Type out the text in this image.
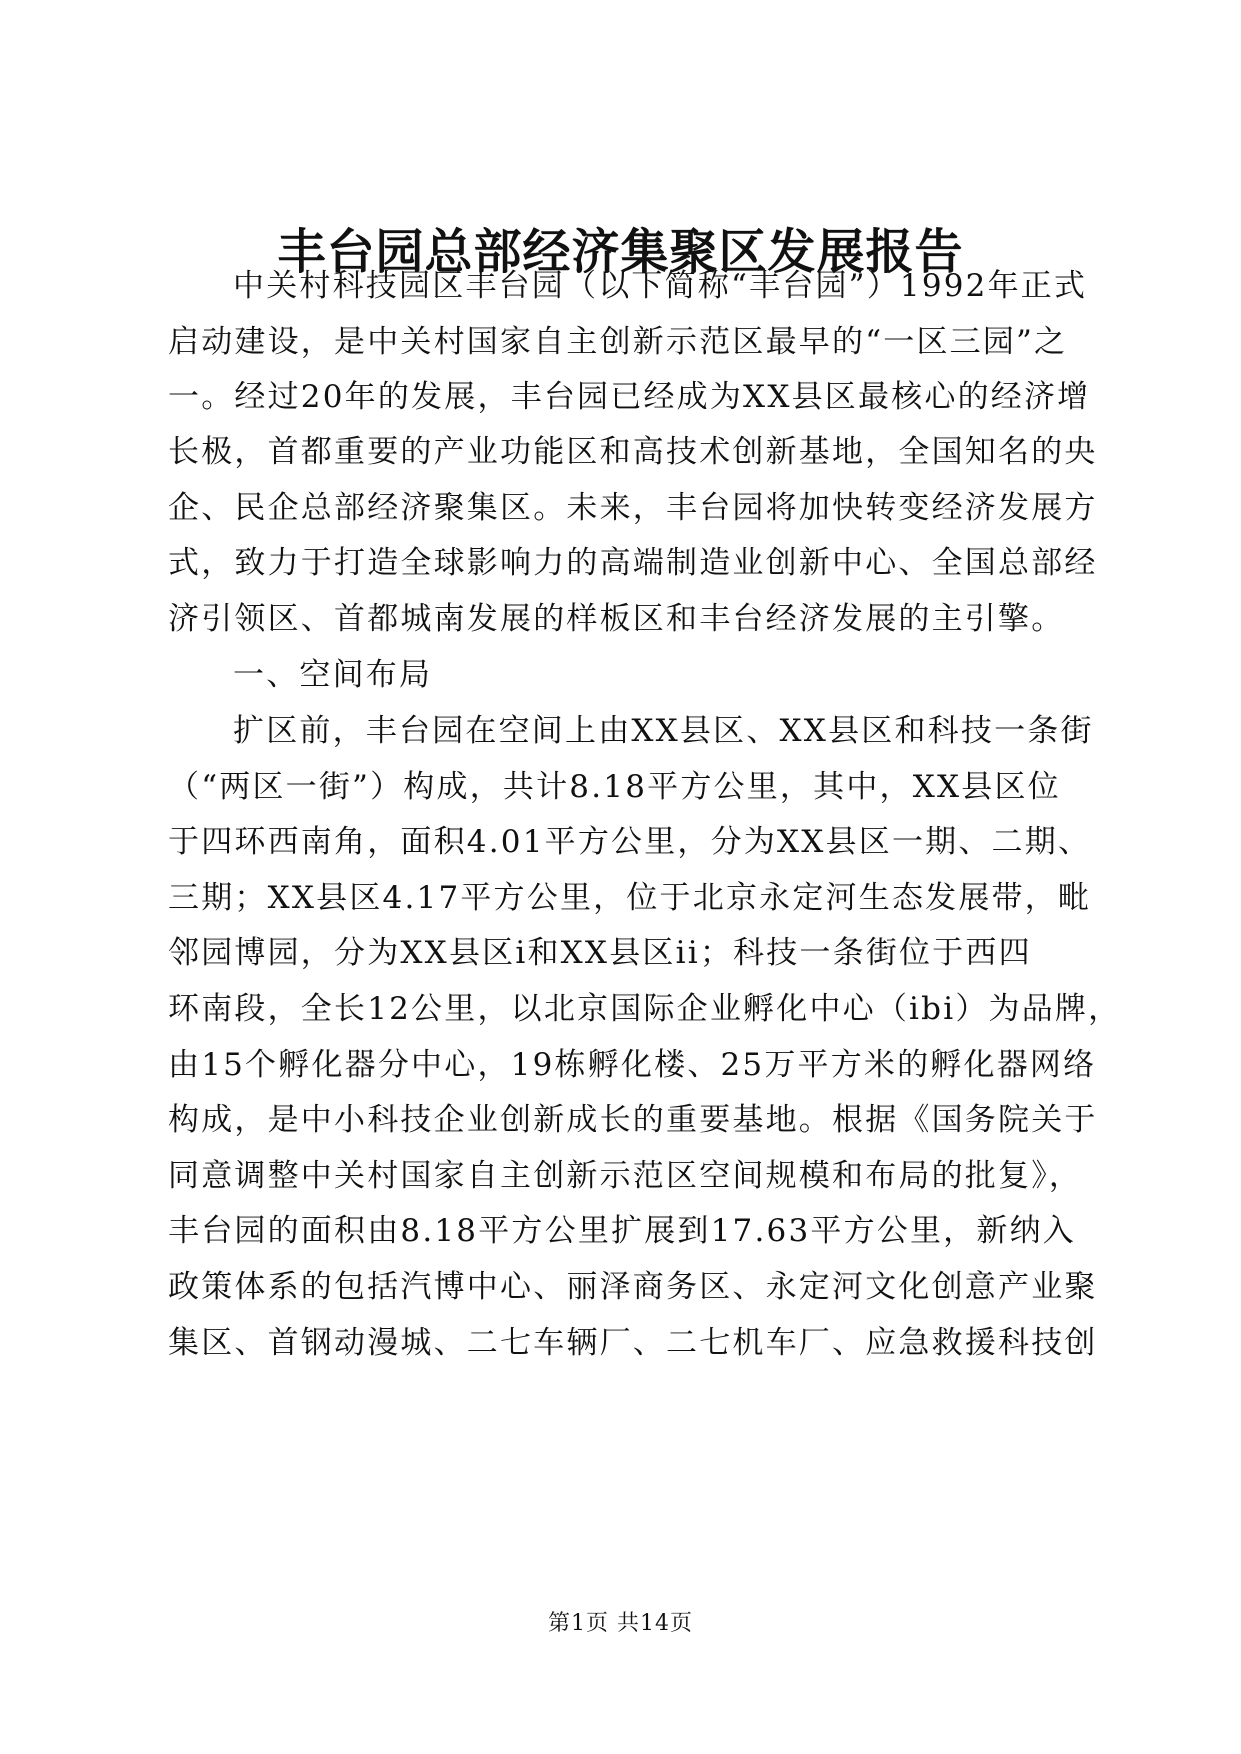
丰台园总部经济集聚区发展报告

中关村科技园区丰台园（以下简称“丰台园”）1992年正式

启动建设，是中关村国家自主创新示范区最早的“一区三园”之

一。经过20年的发展，丰台园已经成为XX县区最核心的经济增

长极，首都重要的产业功能区和高技术创新基地，全国知名的央

企、民企总部经济聚集区。未来，丰台园将加快转变经济发展方

式，致力于打造全球影响力的高端制造业创新中心、全国总部经

济引领区、首都城南发展的样板区和丰台经济发展的主引擎。

一、空间布局

扩区前，丰台园在空间上由XX县区、XX县区和科技一条街

（“两区一街”）构成，共计8.18平方公里，其中，XX县区位

于四环西南角，面积4.01平方公里，分为XX县区一期、二期、

三期；XX县区4.17平方公里，位于北京永定河生态发展带，毗

邻园博园，分为XX县区i和XX县区ii；科技一条街位于西四

环南段，全长12公里，以北京国际企业孵化中心（ibi）为品牌，

由15个孵化器分中心，19栋孵化楼、25万平方米的孵化器网络

构成，是中小科技企业创新成长的重要基地。根据《国务院关于

同意调整中关村国家自主创新示范区空间规模和布局的批复》，

丰台园的面积由8.18平方公里扩展到17.63平方公里，新纳入

政策体系的包括汽博中心、丽泽商务区、永定河文化创意产业聚

集区、首钢动漫城、二七车辆厂、二七机车厂、应急救援科技创

第1页 共14页
